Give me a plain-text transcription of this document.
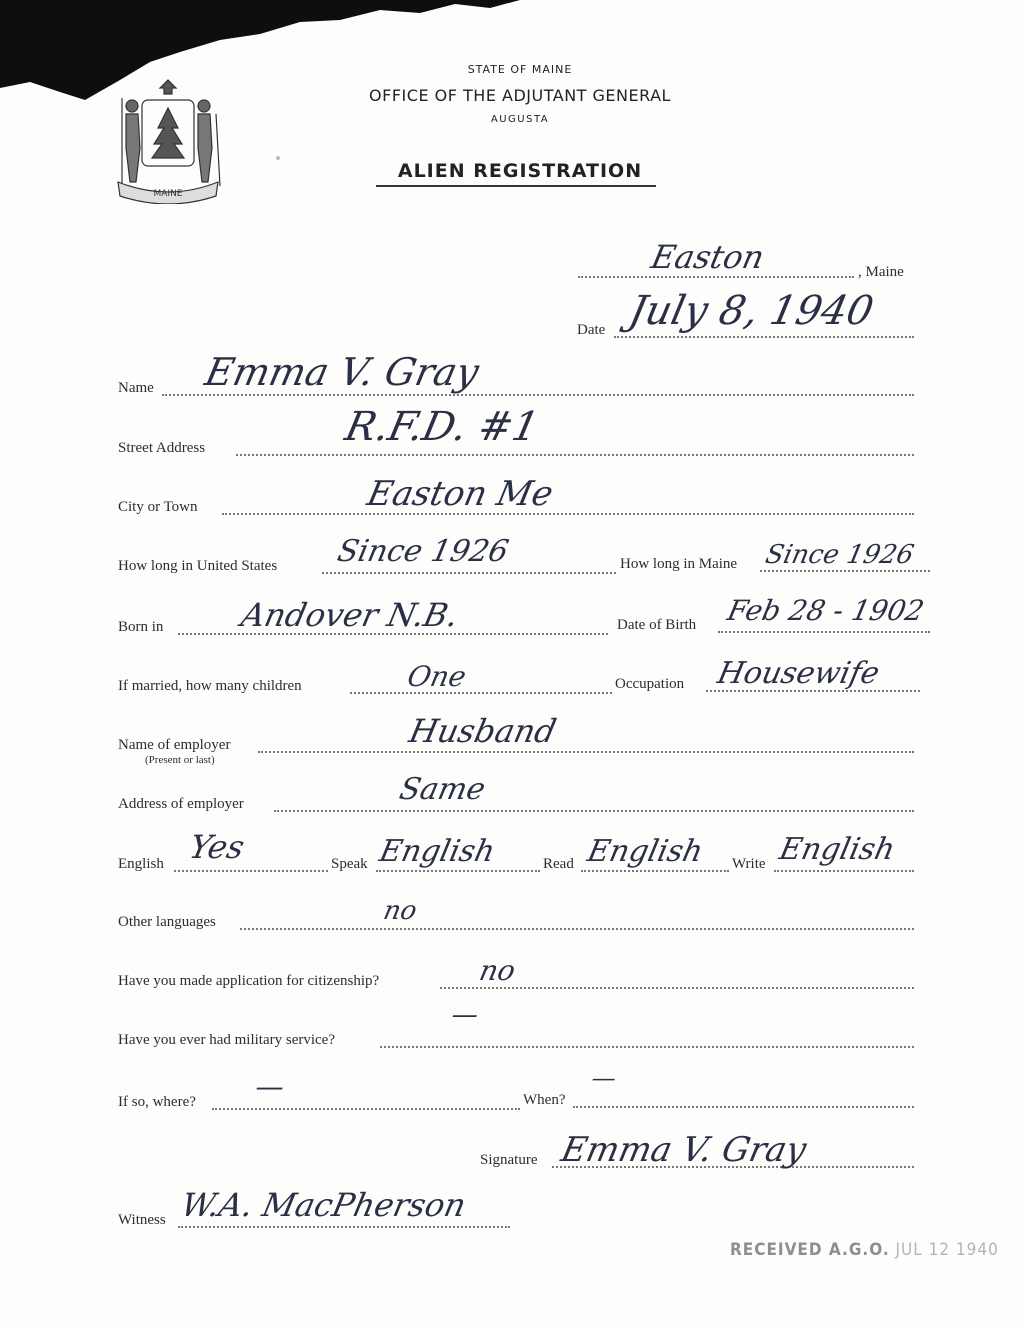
MAINE
STATE OF MAINE
OFFICE OF THE ADJUTANT GENERAL
AUGUSTA
ALIEN REGISTRATION
Easton	, Maine
Date July 8, 1940
Name Emma V. Gray
Street Address	R.F.D. #1
City or Town	Easton Me
How long in United States Since 1926	How long in Maine Since 1926
Born in Andover N.B.	Date of Birth Feb 28 - 1902
If married, how many children	One	Occupation Housewife
Name of employer
(Present or last)
Husband
Address of employer	Same
English Yes	Speak English	Read English Write English
Other languages	no
Have you made application for citizenship?	no
Have you ever had military service?
—
If so, where? —	When?
—
Signature Emma V. Gray
Witness W.A. MacPherson
RECEIVED A.G.O. JUL 12 1940
